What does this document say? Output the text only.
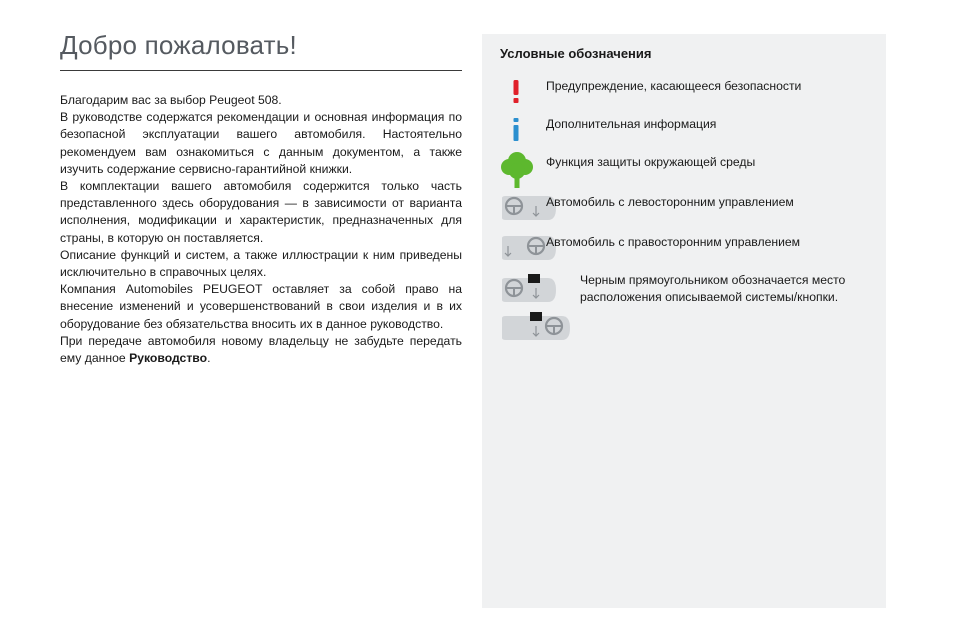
Добро пожаловать!

Благодарим вас за выбор Peugeot 508.

В руководстве содержатся рекомендации и основная информация по безопасной эксплуатации вашего автомобиля. Настоятельно рекомендуем вам ознакомиться с данным документом, а также изучить содержание сервисно-гарантийной книжки.

В комплектации вашего автомобиля содержится только часть представленного здесь оборудования — в зависимости от варианта исполнения, модификации и характеристик, предназначенных для страны, в которую он поставляется.

Описание функций и систем, а также иллюстрации к ним приведены исключительно в справочных целях.

Компания Automobiles PEUGEOT оставляет за собой право на внесение изменений и усовершенствований в свои изделия и в их оборудование без обязательства вносить их в данное руководство.

При передаче автомобиля новому владельцу не забудьте передать ему данное Руководство.

Условные обозначения
Предупреждение, касающееся безопасности
Дополнительная информация
Функция защиты окружающей среды
Автомобиль с левосторонним управлением
Автомобиль с правосторонним управлением
Черным прямоугольником обозначается место расположения описываемой системы/кнопки.
